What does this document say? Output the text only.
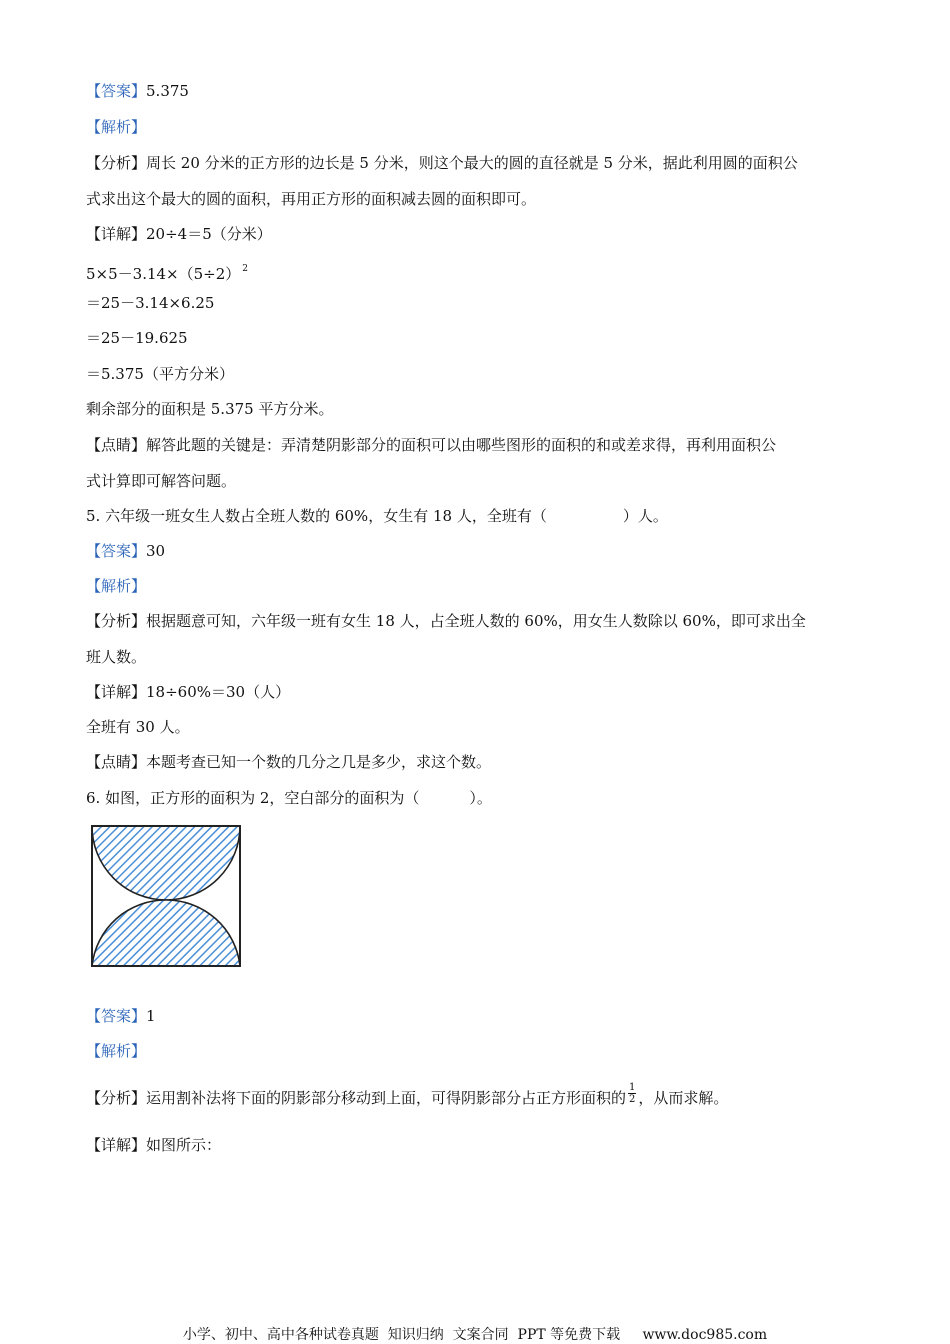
【答案】5.375
【解析】
【分析】周长 20 分米的正方形的边长是 5 分米，则这个最大的圆的直径就是 5 分米，据此利用圆的面积公
式求出这个最大的圆的面积，再用正方形的面积减去圆的面积即可。
【详解】20÷4＝5（分米）
5×5－3.14×（5÷2） $^2$
＝25－3.14×6.25
＝25－19.625
＝5.375（平方分米）
剩余部分的面积是 5.375 平方分米。
【点睛】解答此题的关键是：弄清楚阴影部分的面积可以由哪些图形的面积的和或差求得，再利用面积公
式计算即可解答问题。
5. 六年级一班女生人数占全班人数的 60%，女生有 18 人，全班有（	）人。
【答案】30
【解析】
【分析】根据题意可知，六年级一班有女生 18 人，占全班人数的 60%，用女生人数除以 60%，即可求出全
班人数。
【详解】18÷60%＝30（人）
全班有 30 人。
【点睛】本题考查已知一个数的几分之几是多少，求这个数。
6. 如图，正方形的面积为 2，空白部分的面积为（	）。
【答案】1
【解析】
【分析】运用割补法将下面的阴影部分移动到上面，可得阴影部分占正方形面积的 $\frac{1}{2}$ ，从而求解。
【详解】如图所示：
小学、初中、高中各种试卷真题  知识归纳  文案合同  PPT 等免费下载     www.doc985.com
